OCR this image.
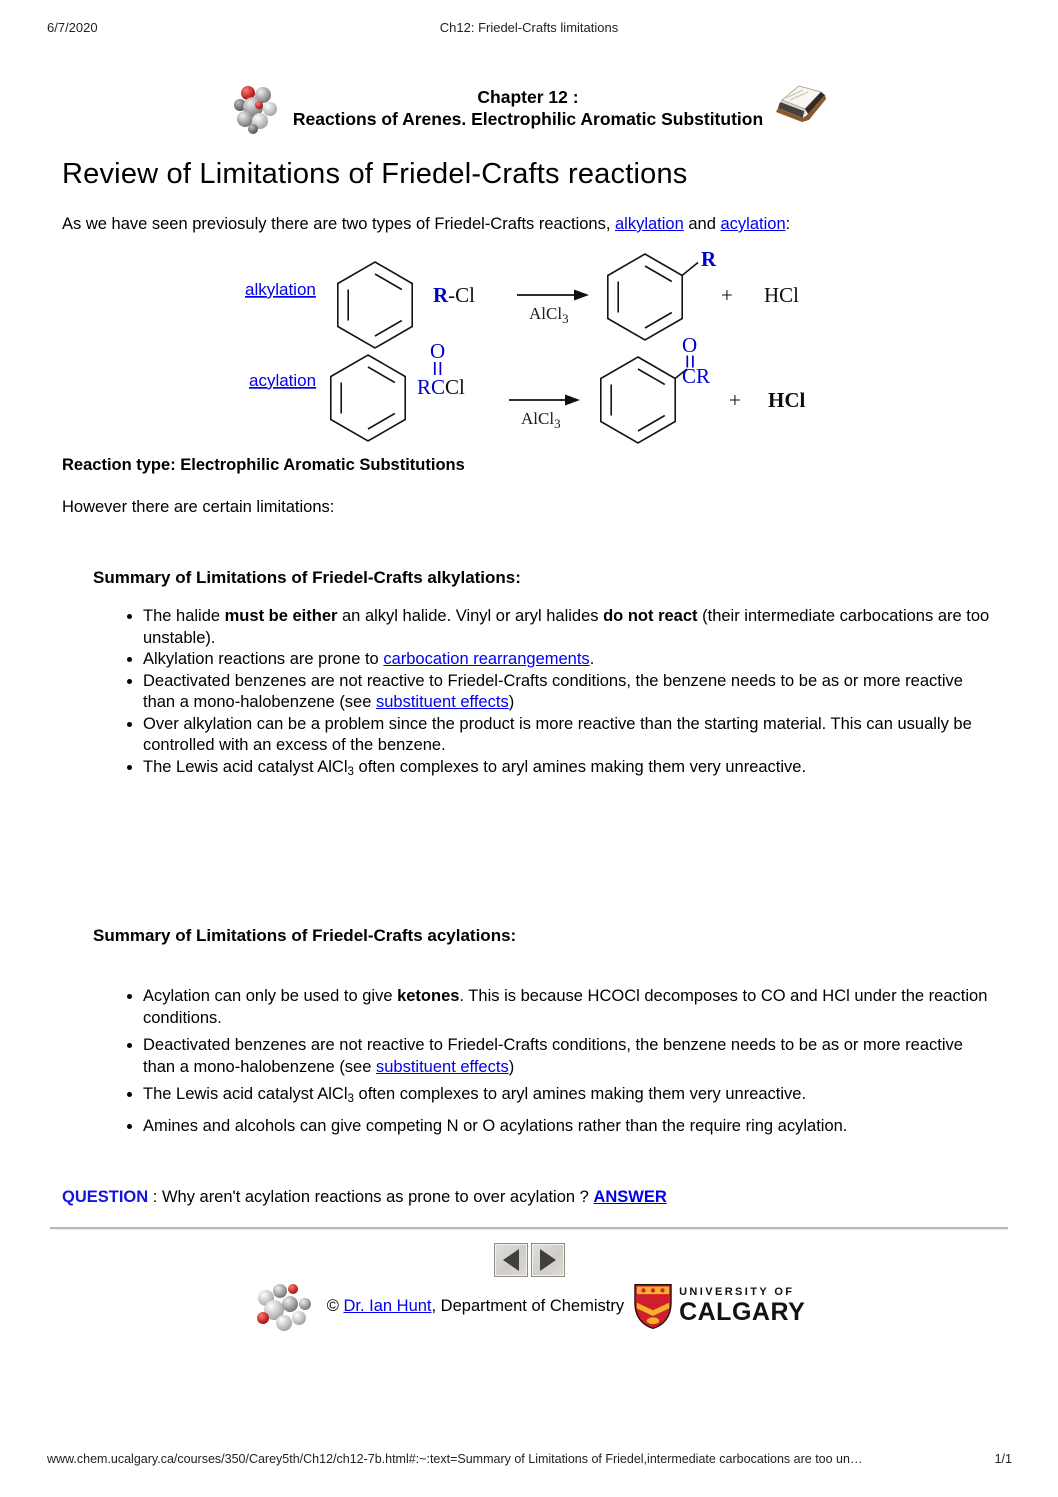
6/7/2020	Ch12: Friedel-Crafts limitations
Chapter 12 :
Reactions of Arenes. Electrophilic Aromatic Substitution
Review of Limitations of Friedel-Crafts reactions

As we have seen previosuly there are two types of Friedel-Crafts reactions, alkylation and acylation:

alkylation	R-Cl
AlCl$_3$
R
+ HCl
acylation
O
RCCl
AlCl$_3$
O
CR
+ HCl
Reaction type: Electrophilic Aromatic Substitutions
However there are certain limitations:
Summary of Limitations of Friedel-Crafts alkylations:
• The halide must be either an alkyl halide. Vinyl or aryl halides do not react (their intermediate carbocations are too unstable).
• Alkylation reactions are prone to carbocation rearrangements.
• Deactivated benzenes are not reactive to Friedel-Crafts conditions, the benzene needs to be as or more reactive than a mono-halobenzene (see substituent effects)
• Over alkylation can be a problem since the product is more reactive than the starting material. This can usually be controlled with an excess of the benzene.
• The Lewis acid catalyst AlCl3 often complexes to aryl amines making them very unreactive.
Summary of Limitations of Friedel-Crafts acylations:
• Acylation can only be used to give ketones. This is because HCOCl decomposes to CO and HCl under the reaction conditions.
• Deactivated benzenes are not reactive to Friedel-Crafts conditions, the benzene needs to be as or more reactive than a mono-halobenzene (see substituent effects)
• The Lewis acid catalyst AlCl3 often complexes to aryl amines making them very unreactive.
• Amines and alcohols can give competing N or O acylations rather than the require ring acylation.
QUESTION : Why aren't acylation reactions as prone to over acylation ? ANSWER
© Dr. Ian Hunt, Department of Chemistry
UNIVERSITY OF
CALGARY
www.chem.ucalgary.ca/courses/350/Carey5th/Ch12/ch12-7b.html#:~:text=Summary of Limitations of Friedel,intermediate carbocations are too un…	1/1
